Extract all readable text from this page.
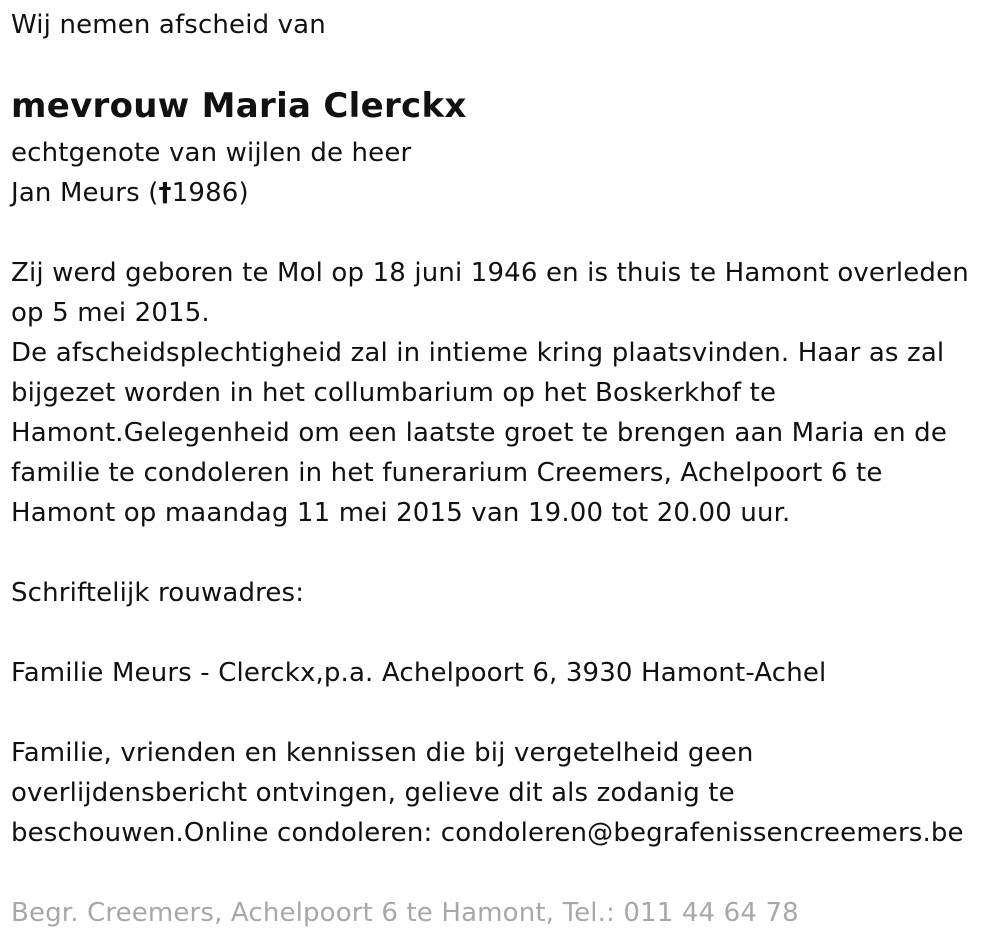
Wij nemen afscheid van
mevrouw Maria Clerckx
echtgenote van wijlen de heer
Jan Meurs (†1986)
Zij werd geboren te Mol op 18 juni 1946 en is thuis te Hamont overleden
op 5 mei 2015.
De afscheidsplechtigheid zal in intieme kring plaatsvinden. Haar as zal
bijgezet worden in het collumbarium op het Boskerkhof te
Hamont.Gelegenheid om een laatste groet te brengen aan Maria en de
familie te condoleren in het funerarium Creemers, Achelpoort 6 te
Hamont op maandag 11 mei 2015 van 19.00 tot 20.00 uur.
Schriftelijk rouwadres:
Familie Meurs - Clerckx,p.a. Achelpoort 6, 3930 Hamont-Achel
Familie, vrienden en kennissen die bij vergetelheid geen
overlijdensbericht ontvingen, gelieve dit als zodanig te
beschouwen.Online condoleren: condoleren@begrafenissencreemers.be
Begr. Creemers, Achelpoort 6 te Hamont, Tel.: 011 44 64 78
